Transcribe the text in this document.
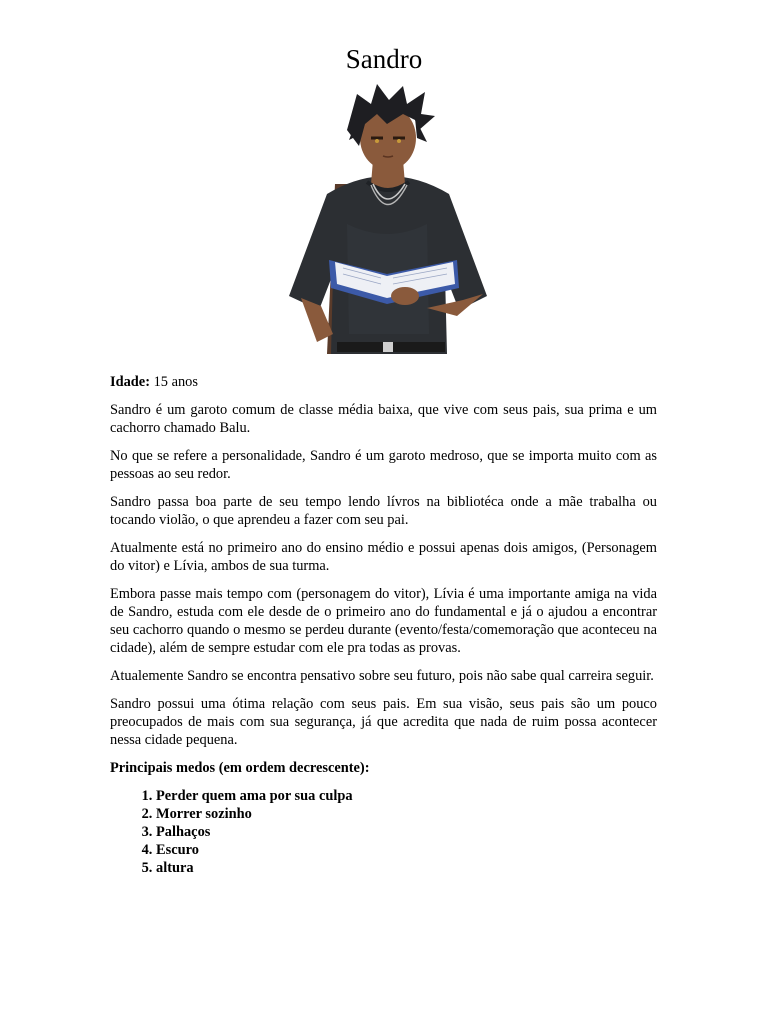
Sandro

Idade: 15 anos

Sandro é um garoto comum de classe média baixa, que vive com seus pais, sua prima e um cachorro chamado Balu.

No que se refere a personalidade, Sandro é um garoto medroso, que se importa muito com as pessoas ao seu redor.

Sandro passa boa parte de seu tempo lendo lívros na bibliotéca onde a mãe trabalha ou tocando violão, o que aprendeu a fazer com seu pai.

Atualmente está no primeiro ano do ensino médio e possui apenas dois amigos, (Personagem do vitor) e Lívia, ambos de sua turma.

Embora passe mais tempo com (personagem do vitor), Lívia é uma importante amiga na vida de Sandro, estuda com ele desde de o primeiro ano do fundamental e já o ajudou a encontrar seu cachorro quando o mesmo se perdeu durante (evento/festa/comemoração que aconteceu na cidade), além de sempre estudar com ele pra todas as provas.

Atualemente Sandro se encontra pensativo sobre seu futuro, pois não sabe qual carreira seguir.

Sandro possui uma ótima relação com seus pais. Em sua visão, seus pais são um pouco preocupados de mais com sua segurança, já que acredita que nada de ruim possa acontecer nessa cidade pequena.

Principais medos (em ordem decrescente):

1. Perder quem ama por sua culpa
2. Morrer sozinho
3. Palhaços
4. Escuro
5. altura
